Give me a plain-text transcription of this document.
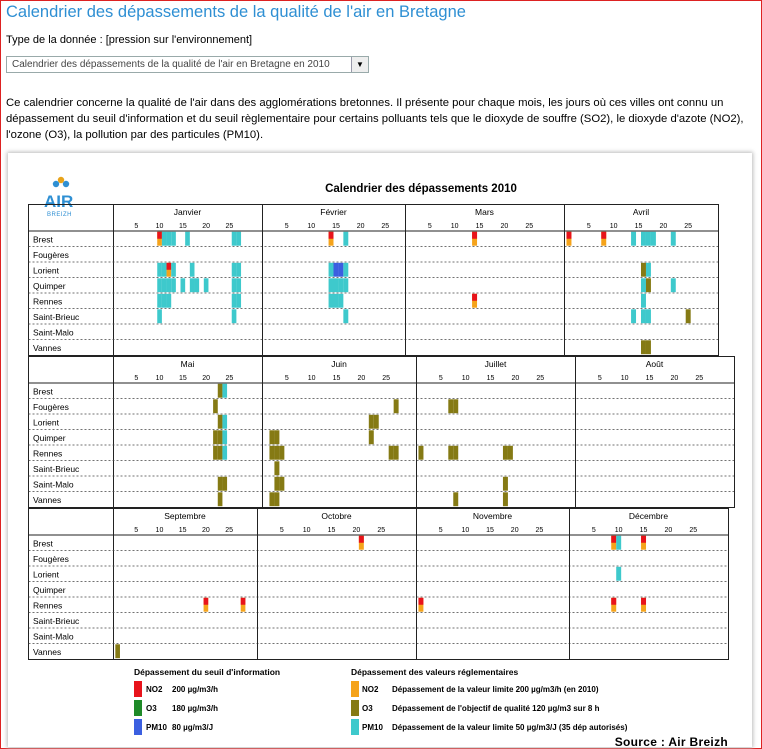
Calendrier des dépassements de la qualité de l'air en Bretagne
Type de la donnée : [pression sur l'environnement]
Calendrier des dépassements de la qualité de l'air en Bretagne en 2010	▼
Ce calendrier concerne la qualité de l'air dans des agglomérations bretonnes. Il présente pour chaque mois, les jours où ces villes ont connu un dépassement du seuil d'information et du seuil règlementaire pour certains polluants tels que le dioxyde de souffre (SO2), le dioxyde d'azote (NO2), l'ozone (O3), la pollution par des particules (PM10).
AIR
BREIZH
Calendrier des dépassements 2010
Brest
Fougères
Lorient
Quimper
Rennes
Saint-Brieuc
Saint-Malo
Vannes
Janvier
5 10 15 20 25
Février
5	10 15 20 25
Mars
5	10 15 20 25
Avril
5	10 15 20 25
Brest
Fougères
Lorient
Quimper
Rennes
Saint-Brieuc
Saint-Malo
Vannes
Mai
5 10 15 20 25
Juin
5	10 15 20 25
Juillet
5	10 15 20 25
Août
5	10 15 20 25
Brest
Fougères
Lorient
Quimper
Rennes
Saint-Brieuc
Saint-Malo
Vannes
Septembre
5 10 15 20 25
Octobre
5	10 15 20 25
Novembre
5	10 15 20 25
Décembre
5	10 15 20 25
Dépassement du seuil d'information	Dépassement des valeurs réglementaires
NO2 200 µg/m3/h
O3 180 µg/m3/h
PM10 80 µg/m3/J
NO2 Dépassement de la valeur limite 200 µg/m3/h (en 2010)
O3 Dépassement de l'objectif de qualité 120 µg/m3 sur 8 h
PM10 Dépassement de la valeur limite 50 µg/m3/J (35 dép autorisés)
Source : Air Breizh
